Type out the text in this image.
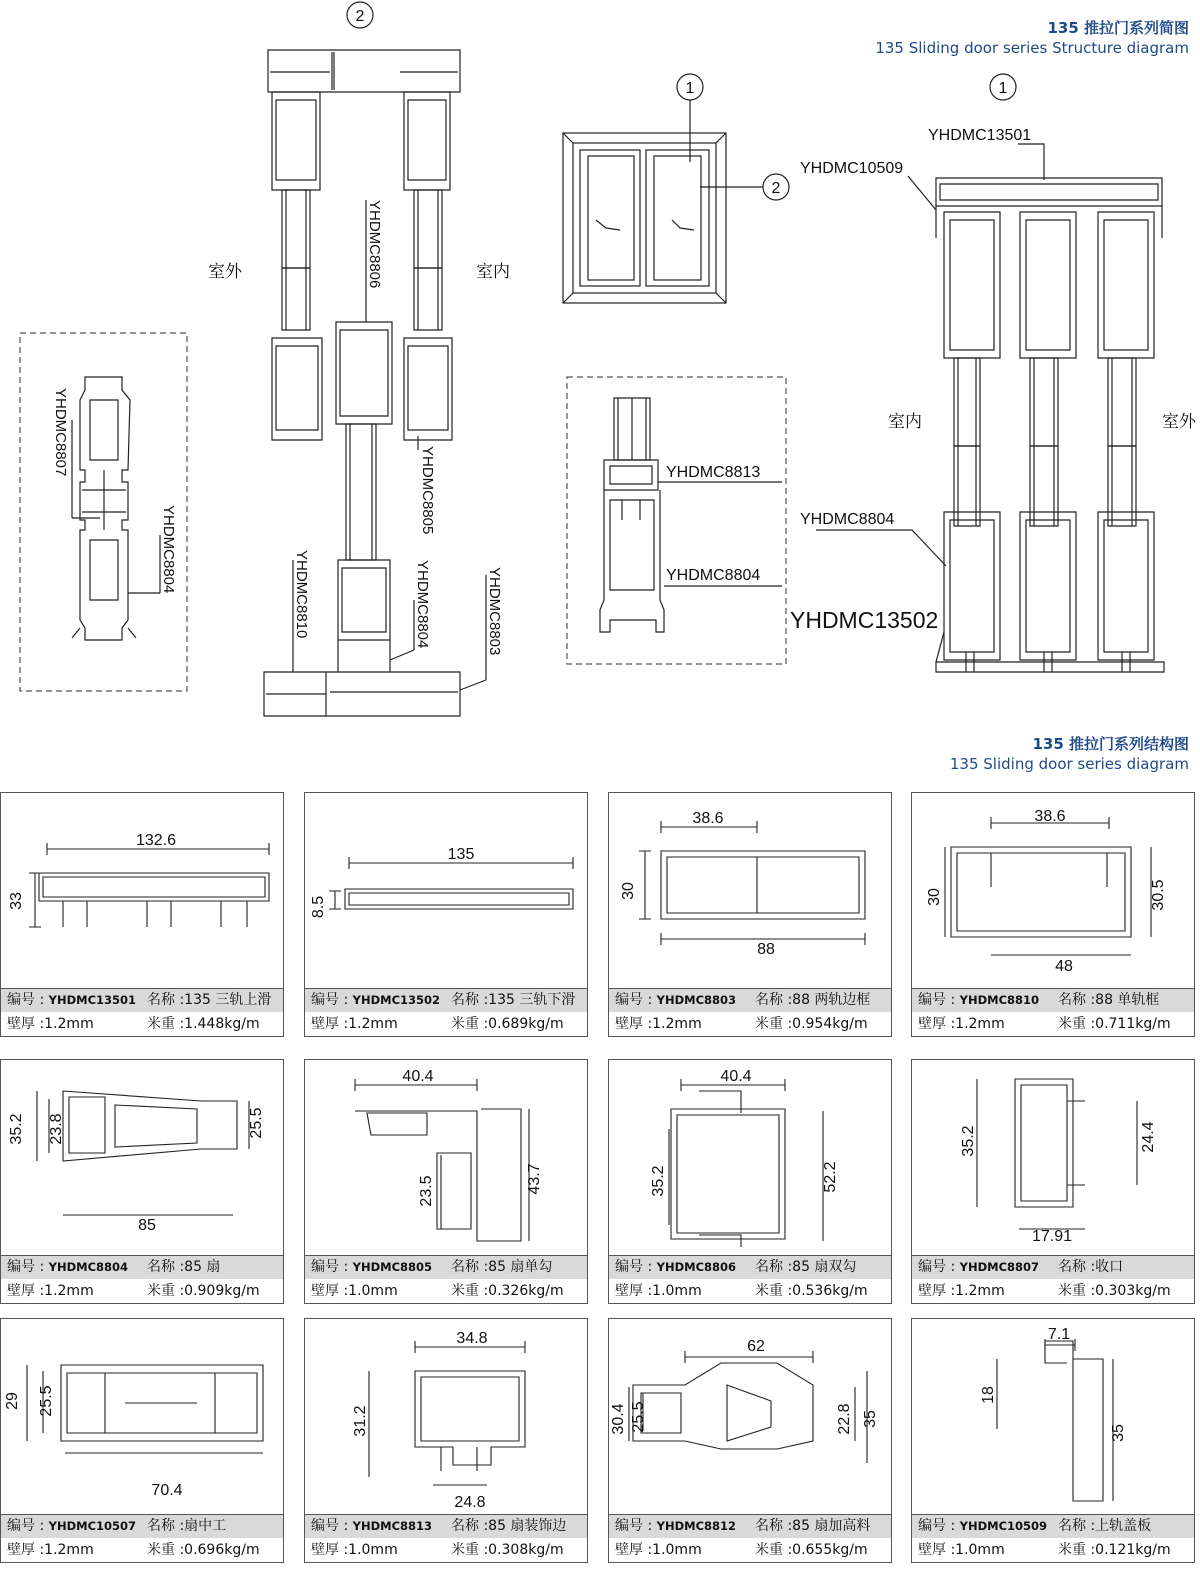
135 推拉门系列简图
135 Sliding door series Structure diagram
135 推拉门系列结构图
135 Sliding door series diagram
YHDMC8807
YHDMC8804
2
室外	室内
YHDMC8806
YHDMC8805
YHDMC8804
YHDMC8810	YHDMC8803
1
2
YHDMC8813
YHDMC8804
1
YHDMC13501
YHDMC10509
YHDMC8804
YHDMC13502
室内	室外
132.6
33
编号 : YHDMC13501 名称 :135 三轨上滑
壁厚 :1.2mm	米重 :1.448kg/m
135
8.5
编号 : YHDMC13502 名称 :135 三轨下滑
壁厚 :1.2mm	米重 :0.689kg/m
38.6
30
88
编号 : YHDMC8803	名称 :88 两轨边框
壁厚 :1.2mm	米重 :0.954kg/m
38.6
30	30.5
48
编号 : YHDMC8810	名称 :88 单轨框
壁厚 :1.2mm	米重 :0.711kg/m
35.2 23.8	25.5
85
编号 : YHDMC8804	名称 :85 扇
壁厚 :1.2mm	米重 :0.909kg/m
40.4
23.5	43.7
编号 : YHDMC8805	名称 :85 扇单勾
壁厚 :1.0mm	米重 :0.326kg/m
40.4
35.2	52.2
编号 : YHDMC8806	名称 :85 扇双勾
壁厚 :1.0mm	米重 :0.536kg/m
35.2	24.4
17.91
编号 : YHDMC8807	名称 :收口
壁厚 :1.2mm	米重 :0.303kg/m
29 25.5
70.4
编号 : YHDMC10507 名称 :扇中工
壁厚 :1.2mm	米重 :0.696kg/m
34.8
31.2
24.8
编号 : YHDMC8813	名称 :85 扇装饰边
壁厚 :1.0mm	米重 :0.308kg/m
62
30.4 25.5	22.8 35
编号 : YHDMC8812	名称 :85 扇加高料
壁厚 :1.0mm	米重 :0.655kg/m
7.1
18
35
编号 : YHDMC10509 名称 :上轨盖板
壁厚 :1.0mm	米重 :0.121kg/m
